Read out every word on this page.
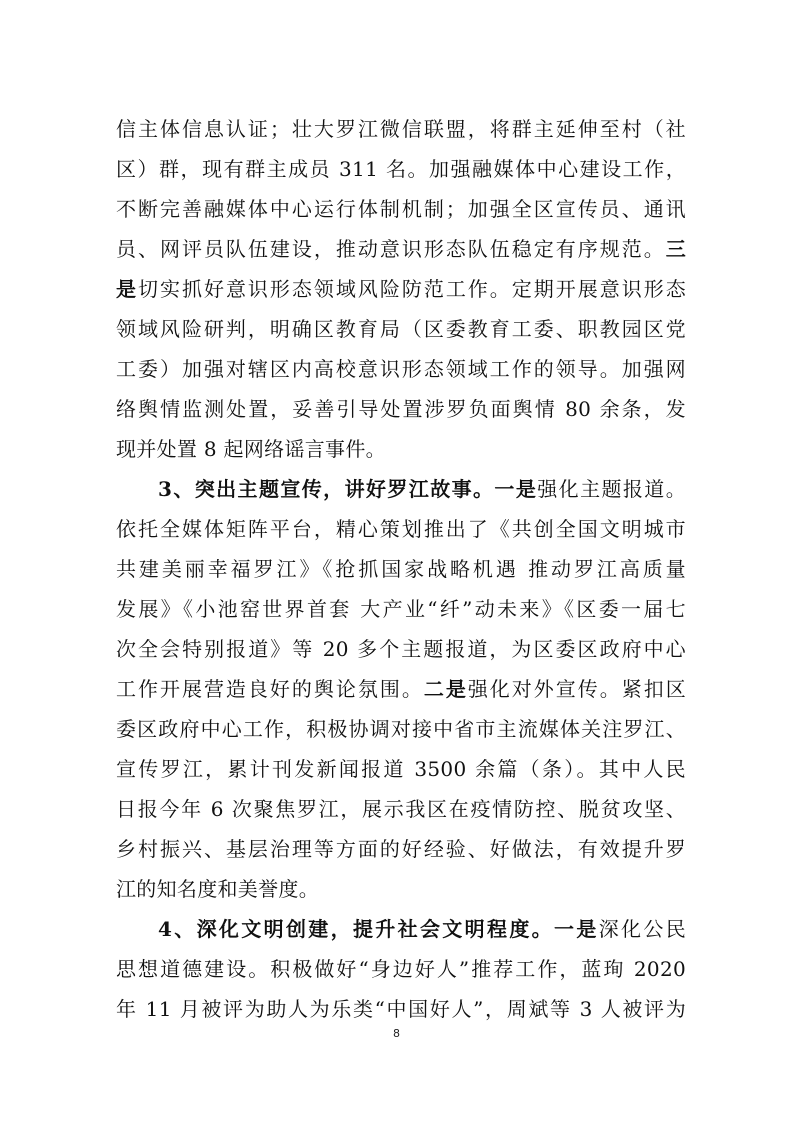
信主体信息认证；壮大罗江微信联盟，将群主延伸至村（社
区）群，现有群主成员 311 名。加强融媒体中心建设工作，
不断完善融媒体中心运行体制机制；加强全区宣传员、通讯
员、网评员队伍建设，推动意识形态队伍稳定有序规范。三
是切实抓好意识形态领域风险防范工作。定期开展意识形态
领域风险研判，明确区教育局（区委教育工委、职教园区党
工委）加强对辖区内高校意识形态领域工作的领导。加强网
络舆情监测处置，妥善引导处置涉罗负面舆情 80 余条，发
现并处置 8 起网络谣言事件。
3、突出主题宣传，讲好罗江故事。一是强化主题报道。
依托全媒体矩阵平台，精心策划推出了《共创全国文明城市
共建美丽幸福罗江》《抢抓国家战略机遇 推动罗江高质量
发展》《小池窑世界首套 大产业“纤”动未来》《区委一届七
次全会特别报道》等 20 多个主题报道，为区委区政府中心
工作开展营造良好的舆论氛围。二是强化对外宣传。紧扣区
委区政府中心工作，积极协调对接中省市主流媒体关注罗江、
宣传罗江，累计刊发新闻报道 3500 余篇（条）。其中人民
日报今年 6 次聚焦罗江，展示我区在疫情防控、脱贫攻坚、
乡村振兴、基层治理等方面的好经验、好做法，有效提升罗
江的知名度和美誉度。
4、深化文明创建，提升社会文明程度。一是深化公民
思想道德建设。积极做好“身边好人”推荐工作，蓝珣 2020
年 11 月被评为助人为乐类“中国好人”，周斌等 3 人被评为
8
